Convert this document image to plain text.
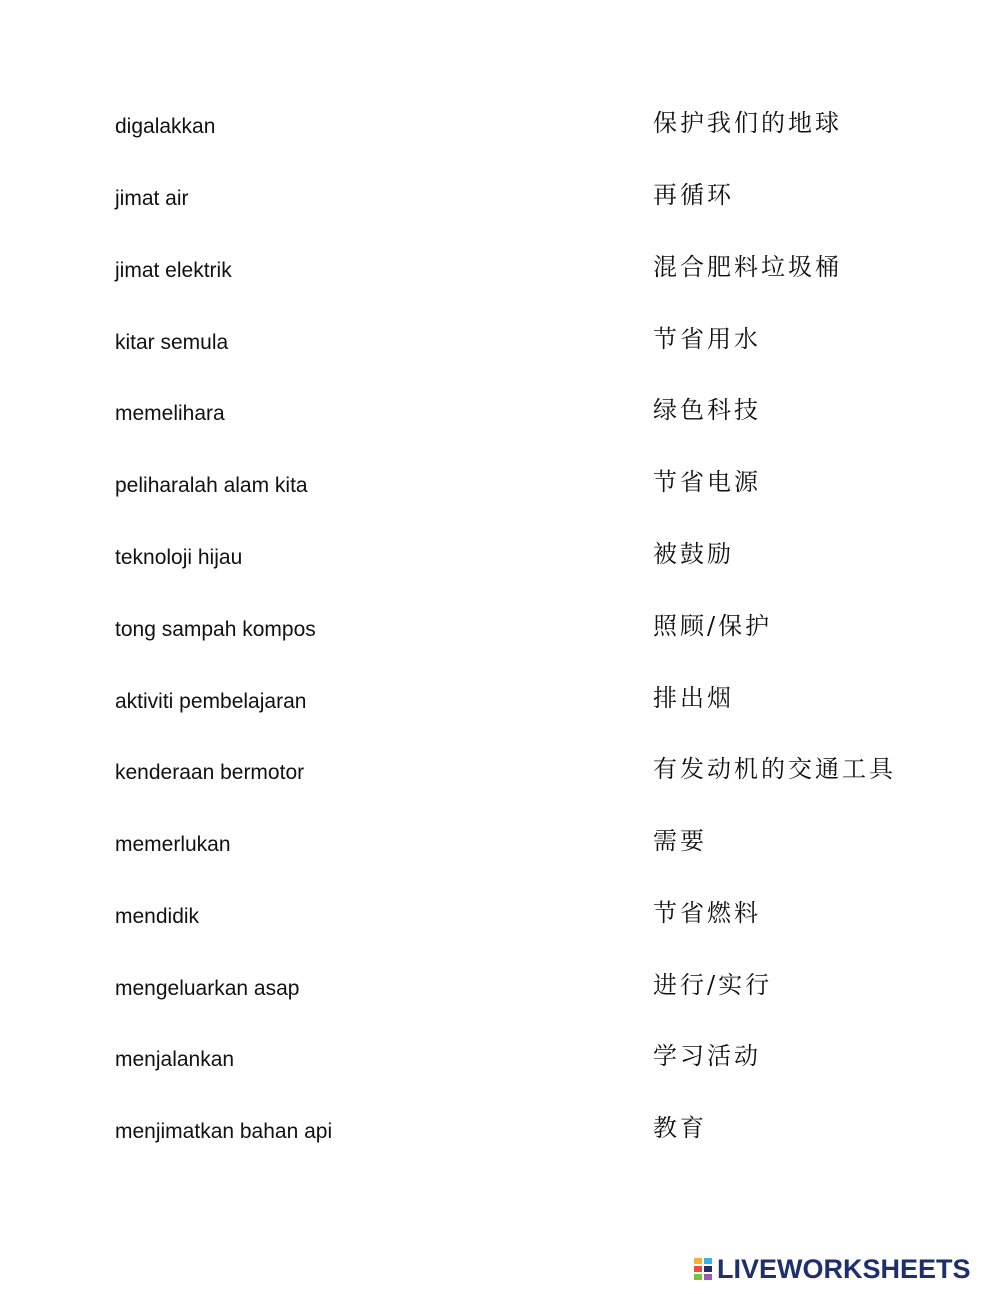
digalakkan	保护我们的地球
jimat air	再循环
jimat elektrik	混合肥料垃圾桶
kitar semula	节省用水
memelihara	绿色科技
peliharalah alam kita	节省电源
teknoloji hijau	被鼓励
tong sampah kompos	照顾/保护
aktiviti pembelajaran	排出烟
kenderaan bermotor	有发动机的交通工具
memerlukan	需要
mendidik	节省燃料
mengeluarkan asap	进行/实行
menjalankan	学习活动
menjimatkan bahan api	教育
LIVEWORKSHEETS
